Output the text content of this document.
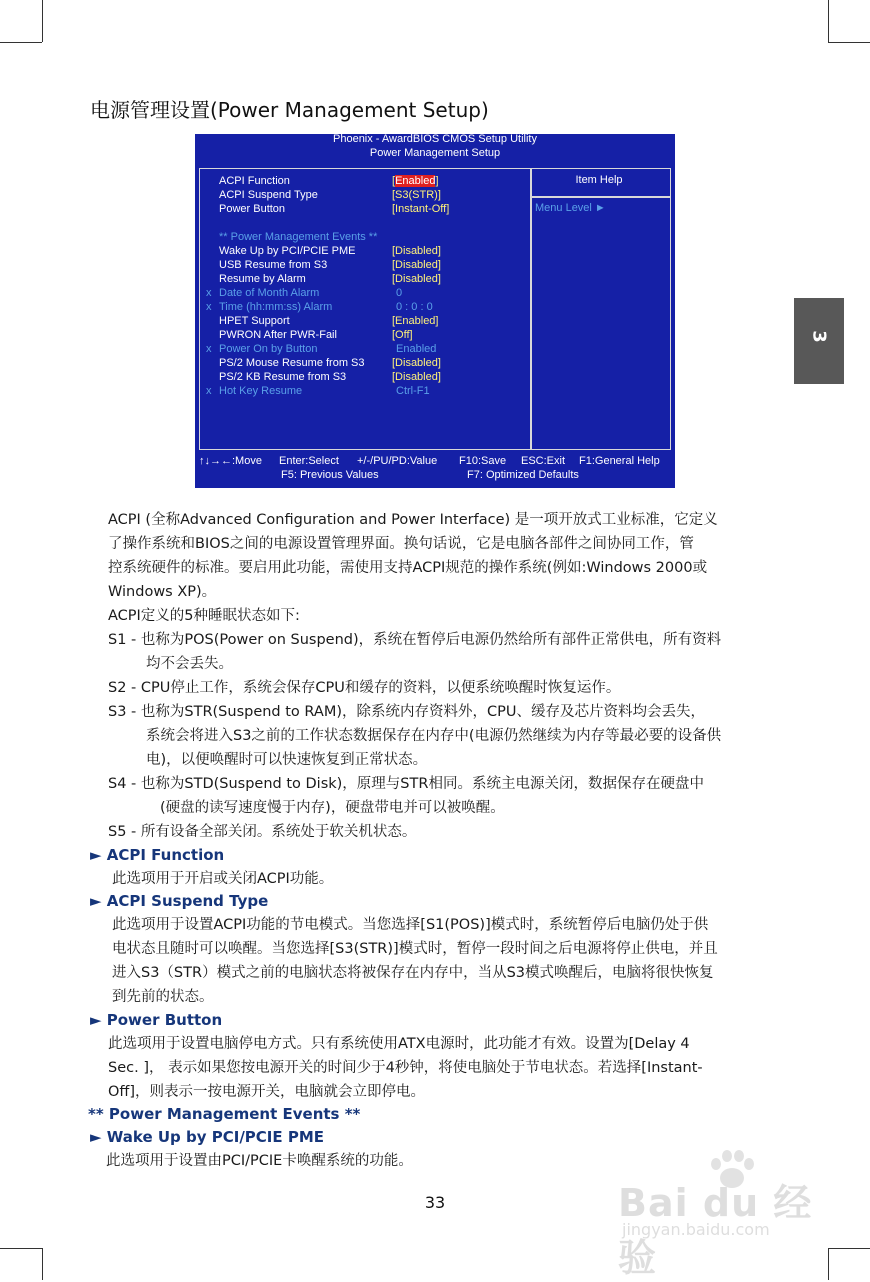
电源管理设置(Power Management Setup)
Phoenix - AwardBIOS CMOS Setup Utility
Power Management Setup
Item Help
Menu Level ►
ACPI Function	[Enabled]
ACPI Suspend Type	[S3(STR)]
Power Button	[Instant-Off]
** Power Management Events **
Wake Up by PCI/PCIE PME	[Disabled]
USB Resume from S3	[Disabled]
Resume by Alarm	[Disabled]
x Date of Month Alarm	0
x Time (hh:mm:ss) Alarm	0 : 0 : 0
HPET Support	[Enabled]
PWRON After PWR-Fail	[Off]
x Power On by Button	Enabled
PS/2 Mouse Resume from S3 [Disabled]
PS/2 KB Resume from S3	[Disabled]
x Hot Key Resume	Ctrl-F1
↑↓→←:Move Enter:Select +/-/PU/PD:Value F10:Save ESC:Exit F1:General Help
F5: Previous Values	F7: Optimized Defaults
3
ACPI (全称Advanced Configuration and Power Interface) 是一项开放式工业标准，它定义
了操作系统和BIOS之间的电源设置管理界面。换句话说，它是电脑各部件之间协同工作，管
控系统硬件的标准。要启用此功能，需使用支持ACPI规范的操作系统(例如:Windows 2000或
Windows XP)。
ACPI定义的5种睡眠状态如下:
S1 - 也称为POS(Power on Suspend)，系统在暂停后电源仍然给所有部件正常供电，所有资料
均不会丢失。
S2 - CPU停止工作，系统会保存CPU和缓存的资料，以便系统唤醒时恢复运作。
S3 - 也称为STR(Suspend to RAM)，除系统内存资料外，CPU、缓存及芯片资料均会丢失，
系统会将进入S3之前的工作状态数据保存在内存中(电源仍然继续为内存等最必要的设备供
电)，以便唤醒时可以快速恢复到正常状态。
S4 - 也称为STD(Suspend to Disk)，原理与STR相同。系统主电源关闭，数据保存在硬盘中
(硬盘的读写速度慢于内存)，硬盘带电并可以被唤醒。
S5 - 所有设备全部关闭。系统处于软关机状态。
► ACPI Function
此选项用于开启或关闭ACPI功能。
► ACPI Suspend Type
此选项用于设置ACPI功能的节电模式。当您选择[S1(POS)]模式时，系统暂停后电脑仍处于供
电状态且随时可以唤醒。当您选择[S3(STR)]模式时，暂停一段时间之后电源将停止供电，并且
进入S3（STR）模式之前的电脑状态将被保存在内存中，当从S3模式唤醒后，电脑将很快恢复
到先前的状态。
► Power Button
此选项用于设置电脑停电方式。只有系统使用ATX电源时，此功能才有效。设置为[Delay 4
Sec. ]， 表示如果您按电源开关的时间少于4秒钟，将使电脑处于节电状态。若选择[Instant-
Off]，则表示一按电源开关，电脑就会立即停电。
** Power Management Events **
► Wake Up by PCI/PCIE PME
此选项用于设置由PCI/PCIE卡唤醒系统的功能。
33	Bai du 经验
jingyan.baidu.com
